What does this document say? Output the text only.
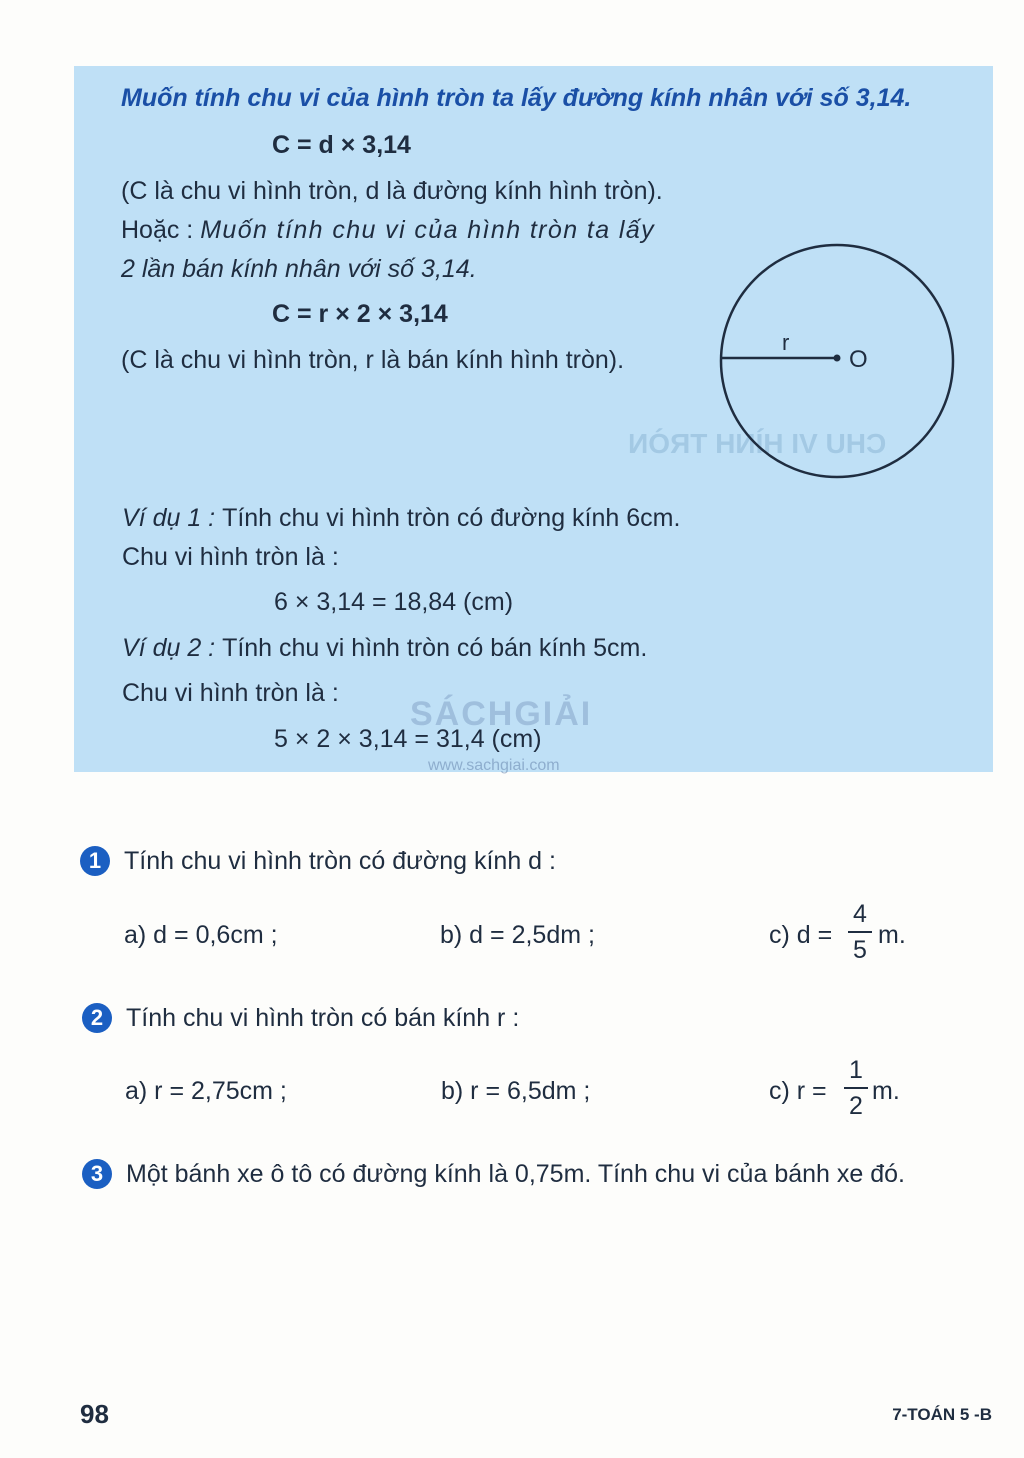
CHU VI HÌNH TRÒN
Muốn tính chu vi của hình tròn ta lấy đường kính nhân với số 3,14.
C = d × 3,14
(C là chu vi hình tròn, d là đường kính hình tròn).
Hoặc : Muốn tính chu vi của hình tròn ta lấy
2 lần bán kính nhân với số 3,14.
C = r × 2 × 3,14
(C là chu vi hình tròn, r là bán kính hình tròn).
r
O
Ví dụ 1 : Tính chu vi hình tròn có đường kính 6cm.
Chu vi hình tròn là :
6 × 3,14 = 18,84 (cm)
Ví dụ 2 : Tính chu vi hình tròn có bán kính 5cm.
Chu vi hình tròn là :
5 × 2 × 3,14 = 31,4 (cm)
SÁCHGIẢI
www.sachgiai.com
1 Tính chu vi hình tròn có đường kính d :
a) d = 0,6cm ;	b) d = 2,5dm ;	c) d =
4
5
m.
2 Tính chu vi hình tròn có bán kính r :
a) r = 2,75cm ;	b) r = 6,5dm ;	c) r =
1
2
m.
3 Một bánh xe ô tô có đường kính là 0,75m. Tính chu vi của bánh xe đó.
98	7-TOÁN 5 -B
